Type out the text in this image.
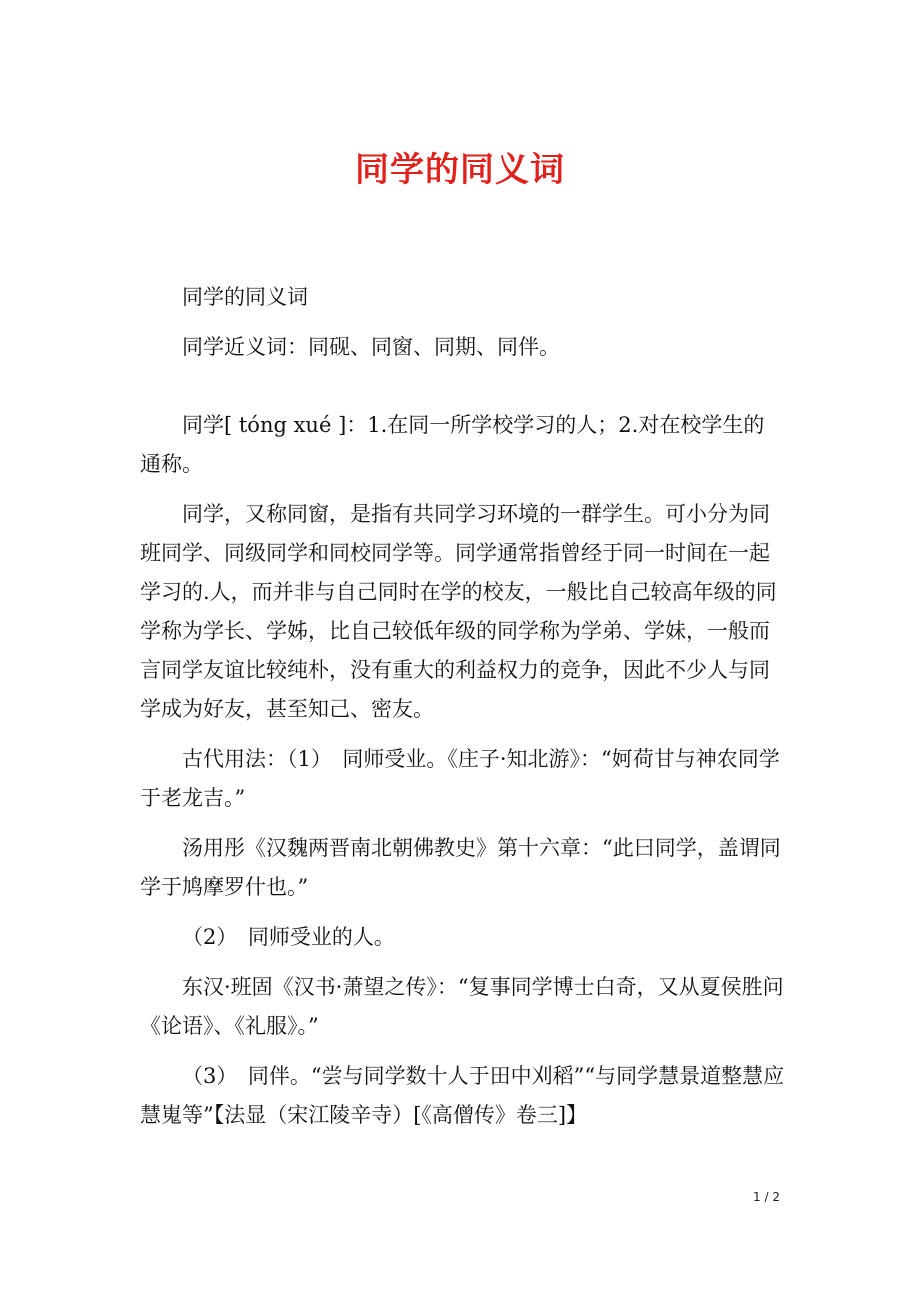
同学的同义词

同学的同义词

同学近义词：同砚、同窗、同期、同伴。

同学[ tóng xué ]：1.在同一所学校学习的人；2.对在校学生的通称。

同学，又称同窗，是指有共同学习环境的一群学生。可小分为同班同学、同级同学和同校同学等。同学通常指曾经于同一时间在一起学习的.人，而并非与自己同时在学的校友，一般比自己较高年级的同学称为学长、学姊，比自己较低年级的同学称为学弟、学妹，一般而言同学友谊比较纯朴，没有重大的利益权力的竞争，因此不少人与同学成为好友，甚至知己、密友。

古代用法：（1）　同师受业。《庄子·知北游》：“妸荷甘与神农同学于老龙吉。”

汤用彤《汉魏两晋南北朝佛教史》第十六章：“此曰同学，盖谓同学于鸠摩罗什也。”

（2）　同师受业的人。

东汉·班固《汉书·萧望之传》：“复事同学博士白奇，又从夏侯胜问《论语》、《礼服》。”

（3）　同伴。“尝与同学数十人于田中刈稻”“与同学慧景道整慧应慧嵬等”【法显（宋江陵辛寺）[《高僧传》卷三]】

1 / 2
